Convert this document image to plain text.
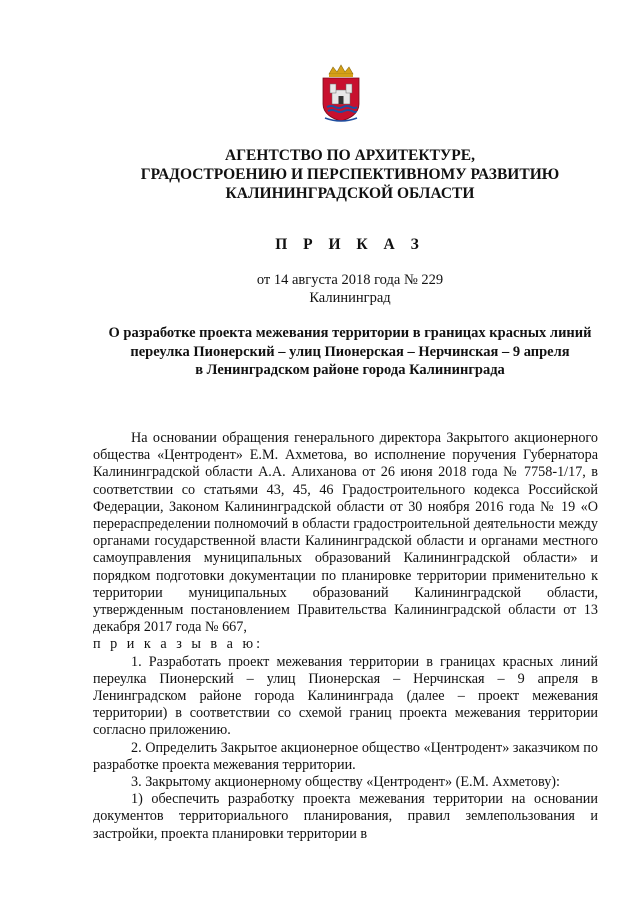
АГЕНТСТВО ПО АРХИТЕКТУРЕ,
ГРАДОСТРОЕНИЮ И ПЕРСПЕКТИВНОМУ РАЗВИТИЮ
КАЛИНИНГРАДСКОЙ ОБЛАСТИ
П Р И К А З
от 14 августа 2018 года № 229
Калининград
О разработке проекта межевания территории в границах красных линий
переулка Пионерский – улиц Пионерская – Нерчинская – 9 апреля
в Ленинградском районе города Калининграда

На основании обращения генерального директора Закрытого акционерного общества «Центродент» Е.М. Ахметова, во исполнение поручения Губернатора Калининградской области А.А. Алиханова от 26 июня 2018 года № 7758-1/17, в соответствии со статьями 43, 45, 46 Градостроительного кодекса Российской Федерации, Законом Калининградской области от 30 ноября 2016 года № 19 «О перераспределении полномочий в области градостроительной деятельности между органами государственной власти Калининградской области и органами местного самоуправления муниципальных образований Калининградской области» и порядком подготовки документации по планировке территории применительно к территории муниципальных образований Калининградской области, утвержденным постановлением Правительства Калининградской области от 13 декабря 2017 года № 667,

п р и к а з ы в а ю:

1. Разработать проект межевания территории в границах красных линий переулка Пионерский – улиц Пионерская – Нерчинская – 9 апреля в Ленинградском районе города Калининграда (далее – проект межевания территории) в соответствии со схемой границ проекта межевания территории согласно приложению.

2. Определить Закрытое акционерное общество «Центродент» заказчиком по разработке проекта межевания территории.

3. Закрытому акционерному обществу «Центродент» (Е.М. Ахметову):

1) обеспечить разработку проекта межевания территории на основании документов территориального планирования, правил землепользования и застройки, проекта планировки территории в
